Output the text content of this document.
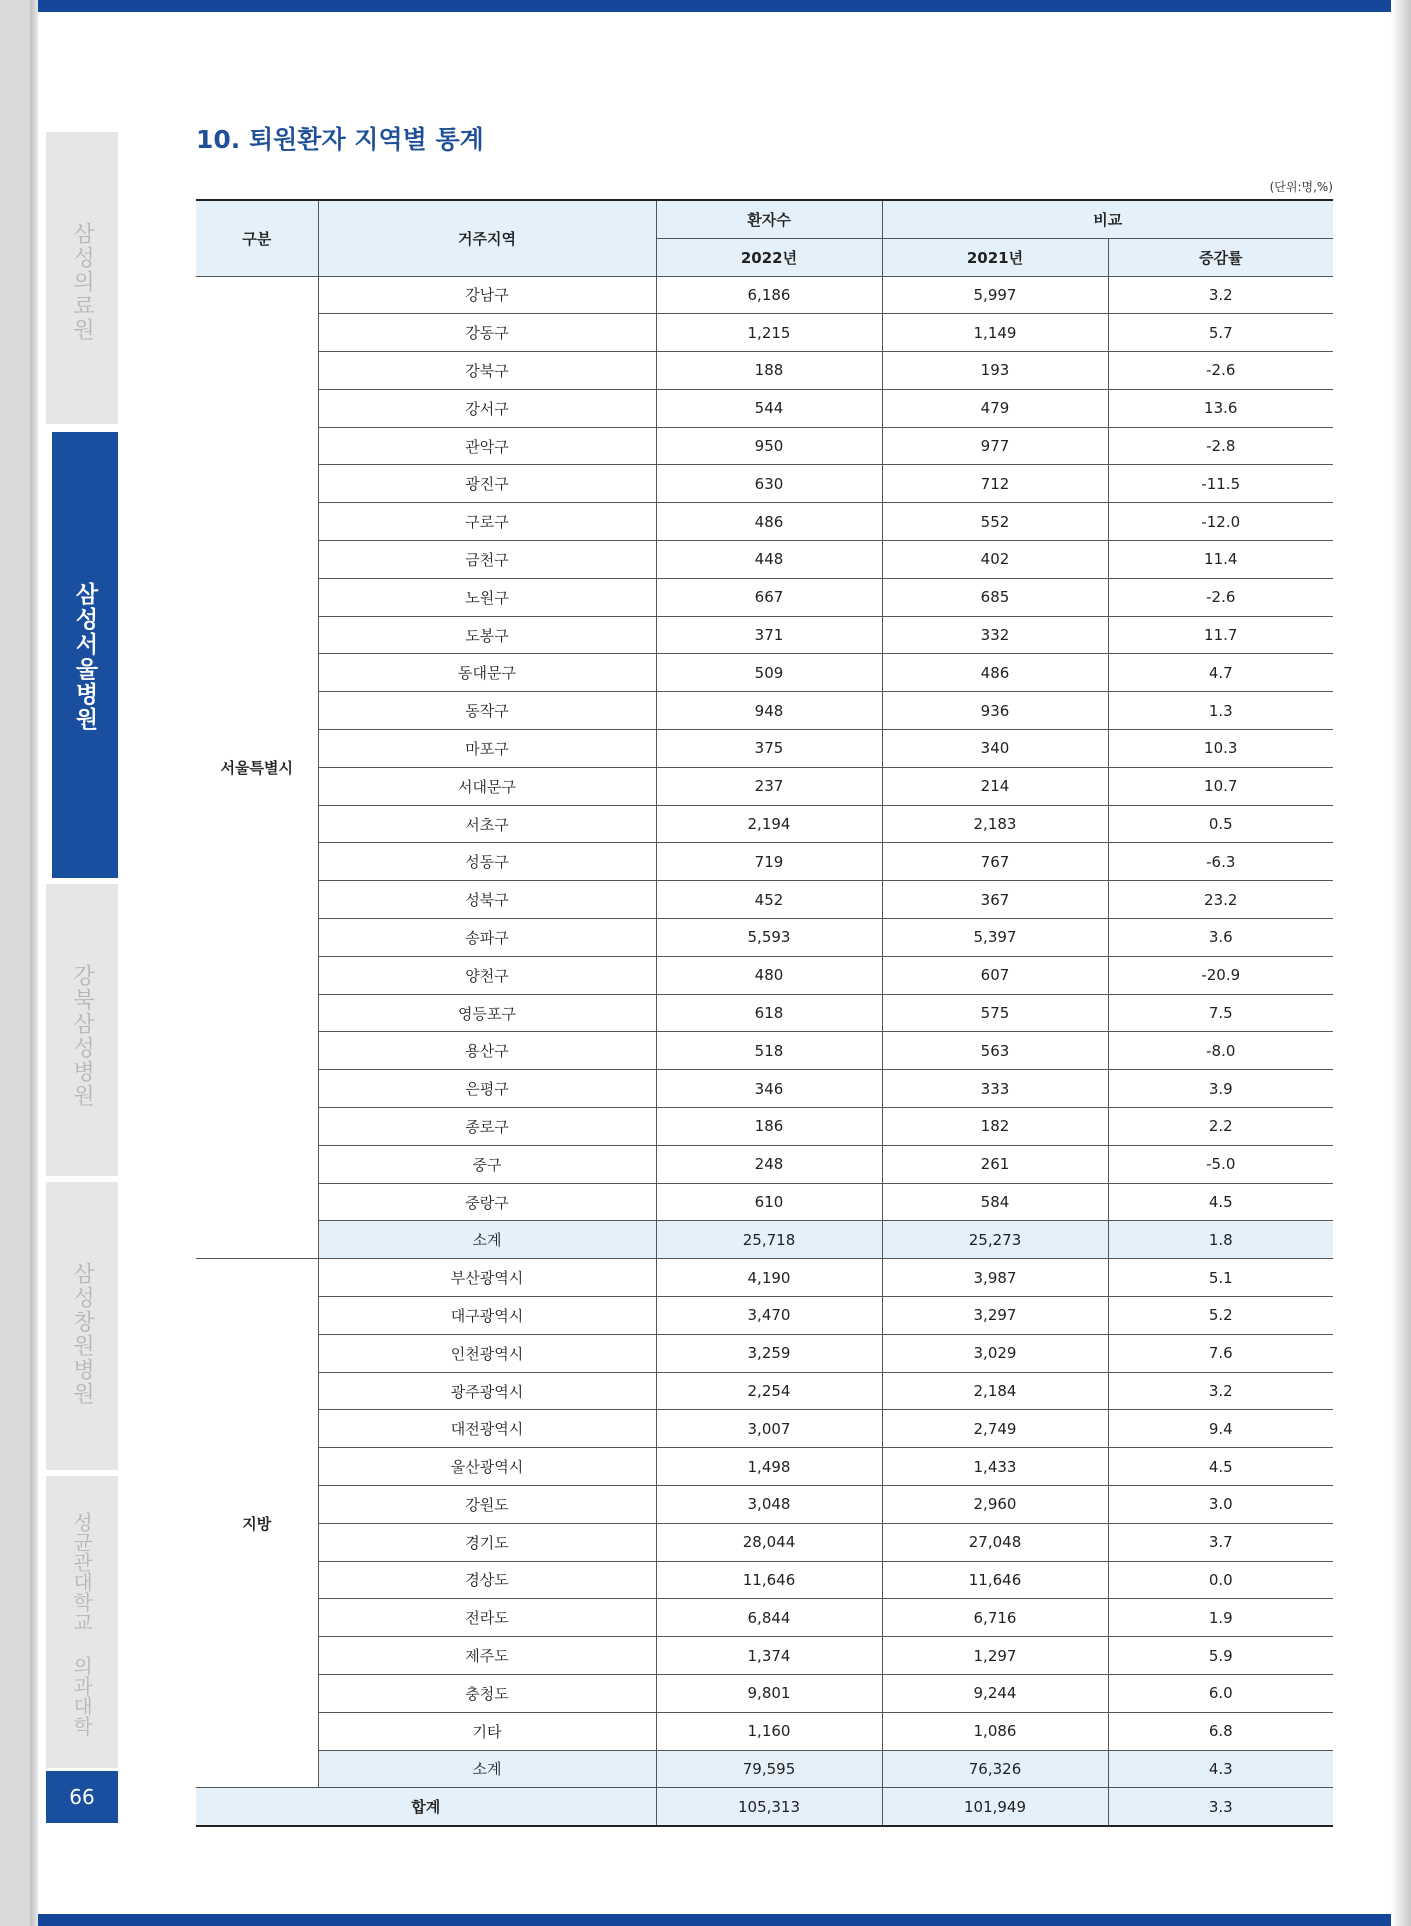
삼성의료원
삼성서울병원
강북삼성병원
삼성창원병원
성균관대학교 의과대학
66
10. 퇴원환자 지역별 통계
(단위:명,%)
구분	거주지역	환자수	비교	
		2022년	2021년	증감률
서울특별시	강남구	6,186	5,997	3.2
	강동구	1,215	1,149	5.7
	강북구	188	193	-2.6
	강서구	544	479	13.6
	관악구	950	977	-2.8
	광진구	630	712	-11.5
	구로구	486	552	-12.0
	금천구	448	402	11.4
	노원구	667	685	-2.6
	도봉구	371	332	11.7
	동대문구	509	486	4.7
	동작구	948	936	1.3
	마포구	375	340	10.3
	서대문구	237	214	10.7
	서초구	2,194	2,183	0.5
	성동구	719	767	-6.3
	성북구	452	367	23.2
	송파구	5,593	5,397	3.6
	양천구	480	607	-20.9
	영등포구	618	575	7.5
	용산구	518	563	-8.0
	은평구	346	333	3.9
	종로구	186	182	2.2
	중구	248	261	-5.0
	중랑구	610	584	4.5
	소계	25,718	25,273	1.8
지방	부산광역시	4,190	3,987	5.1
	대구광역시	3,470	3,297	5.2
	인천광역시	3,259	3,029	7.6
	광주광역시	2,254	2,184	3.2
	대전광역시	3,007	2,749	9.4
	울산광역시	1,498	1,433	4.5
	강원도	3,048	2,960	3.0
	경기도	28,044	27,048	3.7
	경상도	11,646	11,646	0.0
	전라도	6,844	6,716	1.9
	제주도	1,374	1,297	5.9
	충청도	9,801	9,244	6.0
	기타	1,160	1,086	6.8
	소계	79,595	76,326	4.3
합계		105,313	101,949	3.3
